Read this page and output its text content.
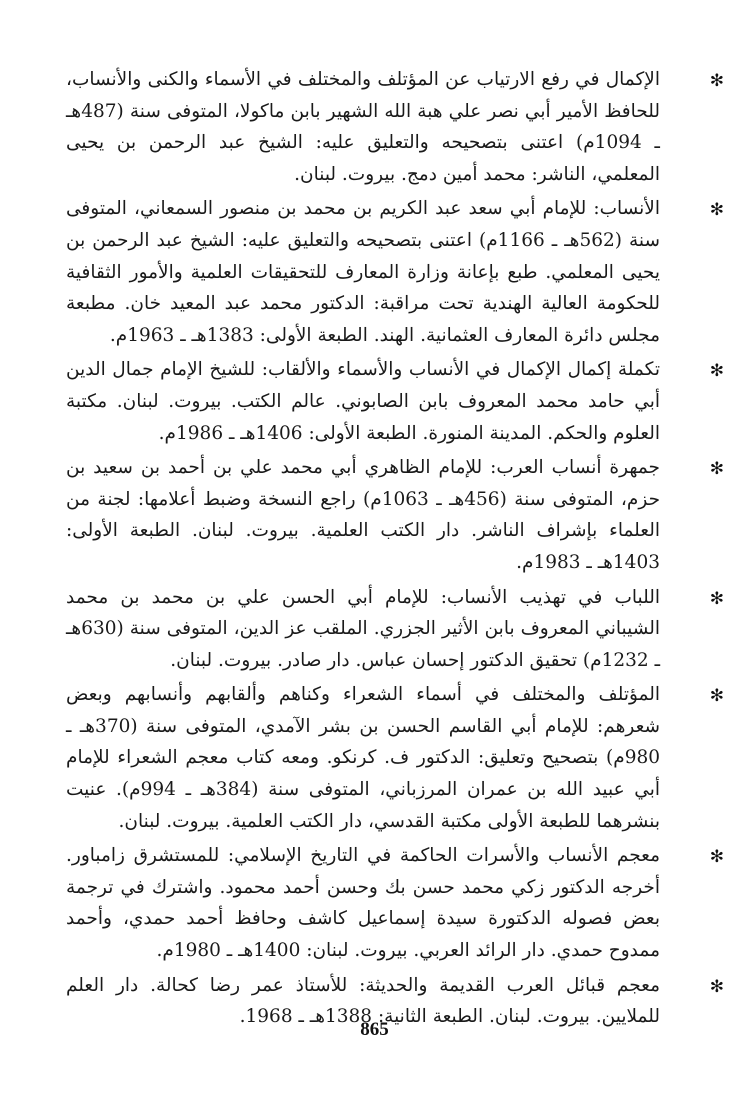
✻
الإكمال في رفع الارتياب عن المؤتلف والمختلف في الأسماء والكنى والأنساب، للحافظ الأمير أبي نصر علي هبة الله الشهير بابن ماكولا، المتوفى سنة (487هـ ـ 1094م) اعتنى بتصحيحه والتعليق عليه: الشيخ عبد الرحمن بن يحيى المعلمي، الناشر: محمد أمين دمج. بيروت. لبنان.
✻
الأنساب: للإمام أبي سعد عبد الكريم بن محمد بن منصور السمعاني، المتوفى سنة (562هـ ـ 1166م) اعتنى بتصحيحه والتعليق عليه: الشيخ عبد الرحمن بن يحيى المعلمي. طبع بإعانة وزارة المعارف للتحقيقات العلمية والأمور الثقافية للحكومة العالية الهندية تحت مراقبة: الدكتور محمد عبد المعيد خان. مطبعة مجلس دائرة المعارف العثمانية. الهند. الطبعة الأولى: 1383هـ ـ 1963م.
✻
تكملة إكمال الإكمال في الأنساب والأسماء والألقاب: للشيخ الإمام جمال الدين أبي حامد محمد المعروف بابن الصابوني. عالم الكتب. بيروت. لبنان. مكتبة العلوم والحكم. المدينة المنورة. الطبعة الأولى: 1406هـ ـ 1986م.
✻
جمهرة أنساب العرب: للإمام الظاهري أبي محمد علي بن أحمد بن سعيد بن حزم، المتوفى سنة (456هـ ـ 1063م) راجع النسخة وضبط أعلامها: لجنة من العلماء بإشراف الناشر. دار الكتب العلمية. بيروت. لبنان. الطبعة الأولى: 1403هـ ـ 1983م.
✻
اللباب في تهذيب الأنساب: للإمام أبي الحسن علي بن محمد بن محمد الشيباني المعروف بابن الأثير الجزري. الملقب عز الدين، المتوفى سنة (630هـ ـ 1232م) تحقيق الدكتور إحسان عباس. دار صادر. بيروت. لبنان.
✻
المؤتلف والمختلف في أسماء الشعراء وكناهم وألقابهم وأنسابهم وبعض شعرهم: للإمام أبي القاسم الحسن بن بشر الآمدي، المتوفى سنة (370هـ ـ 980م) بتصحيح وتعليق: الدكتور ف. كرنكو. ومعه كتاب معجم الشعراء للإمام أبي عبيد الله بن عمران المرزباني، المتوفى سنة (384هـ ـ 994م). عنيت بنشرهما للطبعة الأولى مكتبة القدسي، دار الكتب العلمية. بيروت. لبنان.
✻
معجم الأنساب والأسرات الحاكمة في التاريخ الإسلامي: للمستشرق زامباور. أخرجه الدكتور زكي محمد حسن بك وحسن أحمد محمود. واشترك في ترجمة بعض فصوله الدكتورة سيدة إسماعيل كاشف وحافظ أحمد حمدي، وأحمد ممدوح حمدي. دار الرائد العربي. بيروت. لبنان: 1400هـ ـ 1980م.
✻
معجم قبائل العرب القديمة والحديثة: للأستاذ عمر رضا كحالة. دار العلم للملايين. بيروت. لبنان. الطبعة الثانية: 1388هـ ـ 1968.
865
